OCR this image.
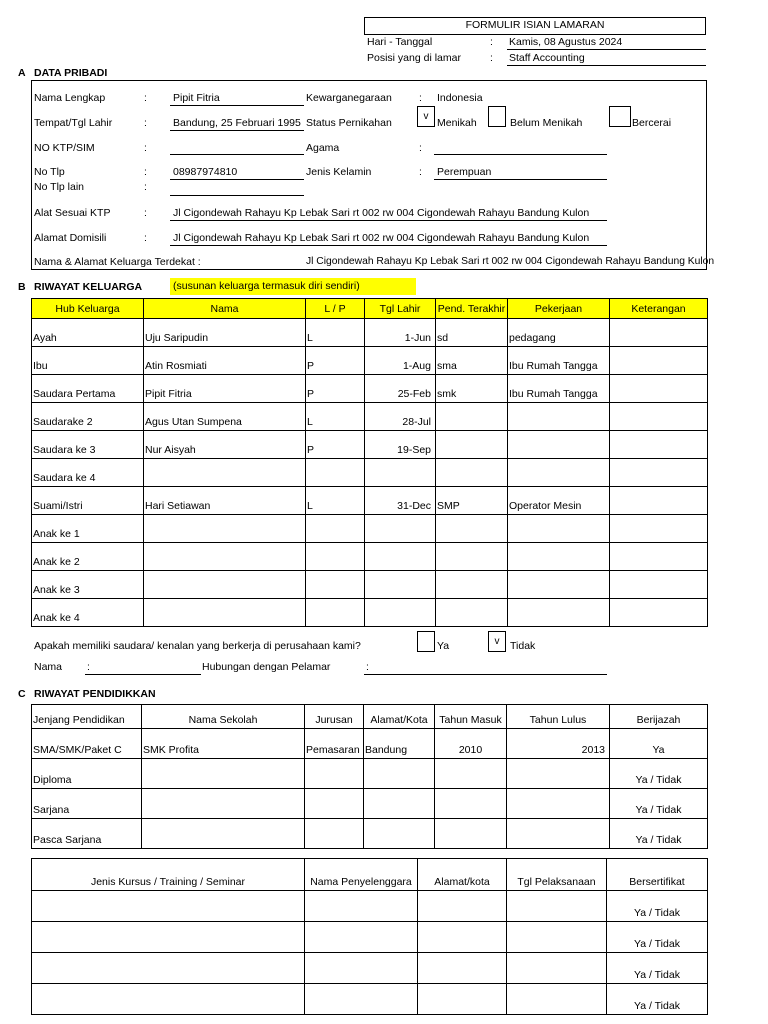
FORMULIR ISIAN LAMARAN
Hari - Tanggal	: Kamis, 08 Agustus 2024
Posisi yang di lamar	: Staff Accounting
A DATA PRIBADI
Nama Lengkap	: Pipit Fitria	Kewarganegaraan	: Indonesia
Tempat/Tgl Lahir	: Bandung, 25 Februari 1995 Status Pernikahan
v
Menikah	Belum Menikah	Bercerai
NO KTP/SIM	:	Agama	:
No Tlp	: 08987974810	Jenis Kelamin	: Perempuan
No Tlp lain	:
Alat Sesuai KTP	: Jl Cigondewah Rahayu Kp Lebak Sari rt 002 rw 004 Cigondewah Rahayu Bandung Kulon
Alamat Domisili	: Jl Cigondewah Rahayu Kp Lebak Sari rt 002 rw 004 Cigondewah Rahayu Bandung Kulon
Nama & Alamat Keluarga Terdekat :	Jl Cigondewah Rahayu Kp Lebak Sari rt 002 rw 004 Cigondewah Rahayu Bandung Kulon
B RIWAYAT KELUARGA	(susunan keluarga termasuk diri sendiri)
Hub Keluarga	Nama	L / P	Tgl Lahir	Pend. Terakhir	Pekerjaan	Keterangan
Ayah	Uju Saripudin	L	1-Jun	sd	pedagang	
Ibu	Atin Rosmiati	P	1-Aug	sma	Ibu Rumah Tangga	
Saudara Pertama	Pipit Fitria	P	25-Feb	smk	Ibu Rumah Tangga	
Saudarake 2	Agus Utan Sumpena	L	28-Jul			
Saudara ke 3	Nur Aisyah	P	19-Sep			
Saudara ke 4						
Suami/Istri	Hari Setiawan	L	31-Dec	SMP	Operator Mesin	
Anak ke 1						
Anak ke 2						
Anak ke 3						
Anak ke 4						
Apakah memiliki saudara/ kenalan yang berkerja di perusahaan kami?	Ya	v	Tidak
Nama :	Hubungan dengan Pelamar	:
C RIWAYAT PENDIDIKKAN
Jenjang Pendidikan	Nama Sekolah	Jurusan	Alamat/Kota	Tahun Masuk	Tahun Lulus	Berijazah
SMA/SMK/Paket C	SMK Profita	Pemasaran	Bandung	2010	2013	Ya
Diploma						Ya / Tidak
Sarjana						Ya / Tidak
Pasca Sarjana						Ya / Tidak
Jenis Kursus / Training / Seminar	Nama Penyelenggara	Alamat/kota	Tgl Pelaksanaan	Bersertifikat
				Ya / Tidak
				Ya / Tidak
				Ya / Tidak
				Ya / Tidak
